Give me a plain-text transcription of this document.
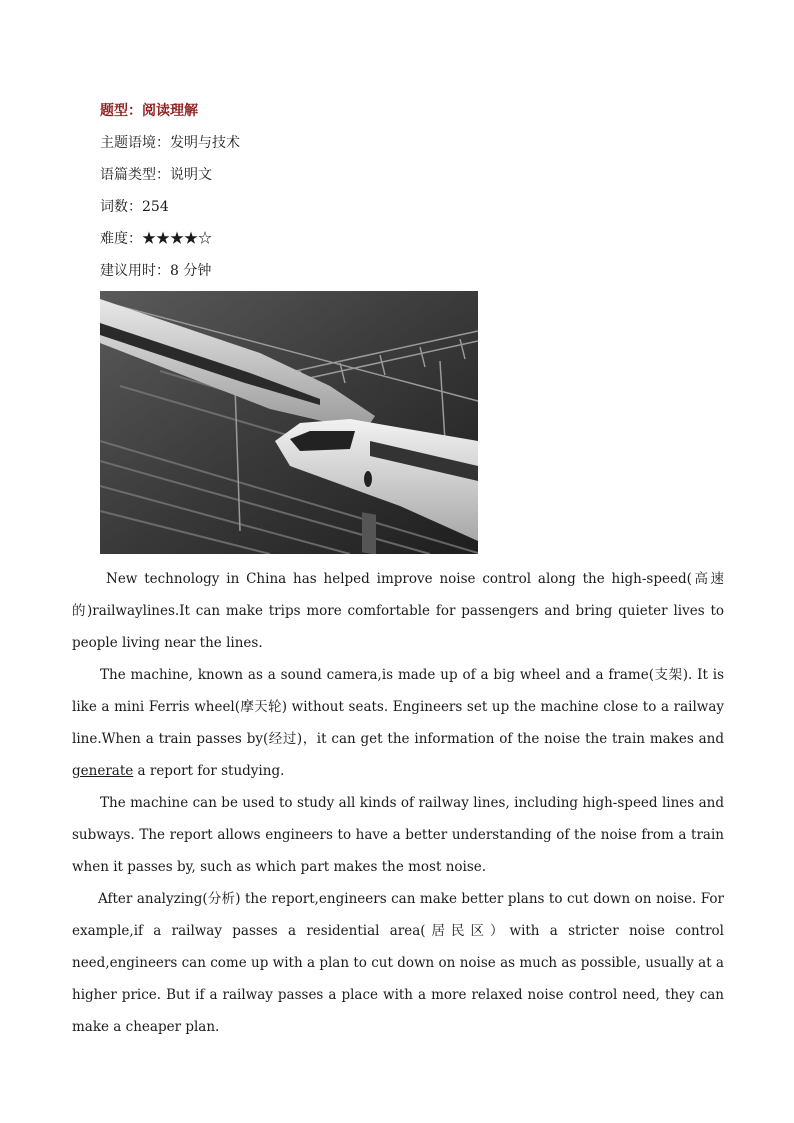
题型：阅读理解
主题语境：发明与技术
语篇类型：说明文
词数：254
难度：★★★★☆
建议用时：8 分钟

New technology in China has helped improve noise control along the high-speed(高速的)railwaylines.It can make trips more comfortable for passengers and bring quieter lives to people living near the lines.

The machine, known as a sound camera,is made up of a big wheel and a frame(支架). It is like a mini Ferris wheel(摩天轮) without seats. Engineers set up the machine close to a railway line.When a train passes by(经过)，it can get the information of the noise the train makes and generate a report for studying.

The machine can be used to study all kinds of railway lines, including high-speed lines and subways. The report allows engineers to have a better understanding of the noise from a train when it passes by, such as which part makes the most noise.

After analyzing(分析) the report,engineers can make better plans to cut down on noise. For example,if a railway passes a residential area(居民区）with a stricter noise control need,engineers can come up with a plan to cut down on noise as much as possible, usually at a higher price. But if a railway passes a place with a more relaxed noise control need, they can make a cheaper plan.
